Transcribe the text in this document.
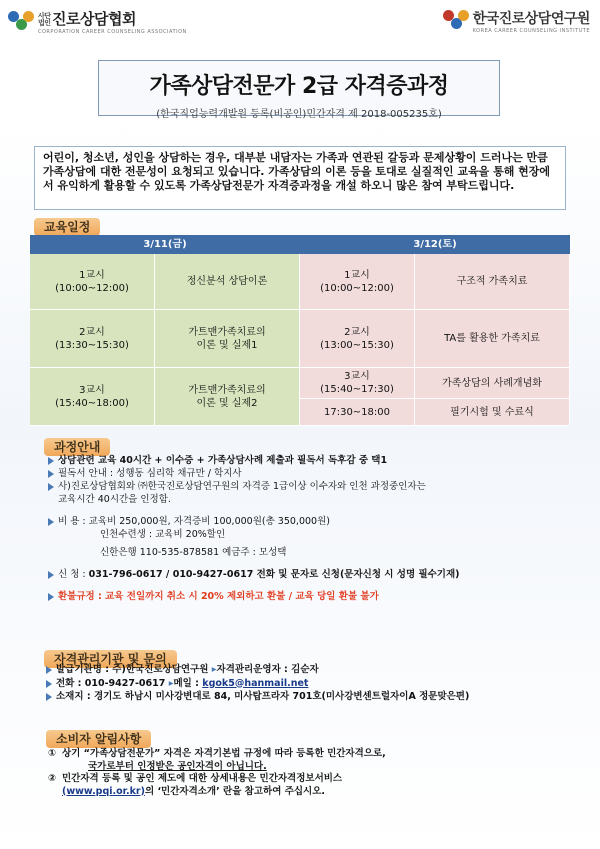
사단법인진로상담협회
CORPORATION CAREER COUNSELING ASSOCIATION
한국진로상담연구원
KOREA CAREER COUNSELING INSTITUTE
가족상담전문가 2급 자격증과정
(한국직업능력개발원 등록(비공인)민간자격 제 2018-005235호)
어린이, 청소년, 성인을 상담하는 경우, 대부분 내담자는 가족과 연관된 갈등과 문제상황이 드러나는 만큼 가족상담에 대한 전문성이 요청되고 있습니다. 가족상담의 이론 등을 토대로 실질적인 교육을 통해 현장에서 유익하게 활용할 수 있도록 가족상담전문가 자격증과정을 개설 하오니 많은 참여 부탁드립니다.
교육일정
3/11(금)	3/12(토)
1교시
(10:00~12:00)
정신분석 상담이론
2교시
(13:30~15:30)
가트맨가족치료의
이론 및 실제1
3교시
(15:40~18:00)
가트맨가족치료의
이론 및 실제2
1교시
(10:00~12:00)
구조적 가족치료
2교시
(13:00~15:30)
TA를 활용한 가족치료
3교시
(15:40~17:30)
가족상담의 사례개념화
17:30~18:00	필기시험 및 수료식
과정안내
상담관련 교육 40시간 + 이수증 + 가족상담사례 제출과 필독서 독후감 중 택1
필독서 안내 : 성행동 심리학 채규만 / 학지사
사)진로상담협회와 ㈜한국진로상담연구원의 자격증 1급이상 이수자와 인천 과정중인자는
교육시간 40시간을 인정함.
비 용 : 교육비 250,000원, 자격증비 100,000원(총 350,000원)
인천수련생 : 교육비 20%할인
신한은행 110-535-878581 예금주 : 모성택
신 청 : 031-796-0617 / 010-9427-0617 전화 및 문자로 신청(문자신청 시 성명 필수기재)
환불규정 : 교육 전일까지 취소 시 20% 제외하고 환불 / 교육 당일 환불 불가
자격관리기관 및 문의
발급기관명 : 주)한국진로상담연구원 ▸자격관리운영자 : 김순자
전화 : 010-9427-0617 ▸메일 : kgok5@hanmail.net
소재지 : 경기도 하남시 미사강변대로 84, 미사탑프라자 701호(미사강변센트럴자이A 정문맞은편)
소비자 알림사항
① 상기 “가족상담전문가” 자격은 자격기본법 규정에 따라 등록한 민간자격으로,
국가로부터 인정받은 공인자격이 아닙니다.
② 민간자격 등록 및 공인 제도에 대한 상세내용은 민간자격정보서비스
(www.pqi.or.kr)의 ‘민간자격소개’ 란을 참고하여 주십시오.
